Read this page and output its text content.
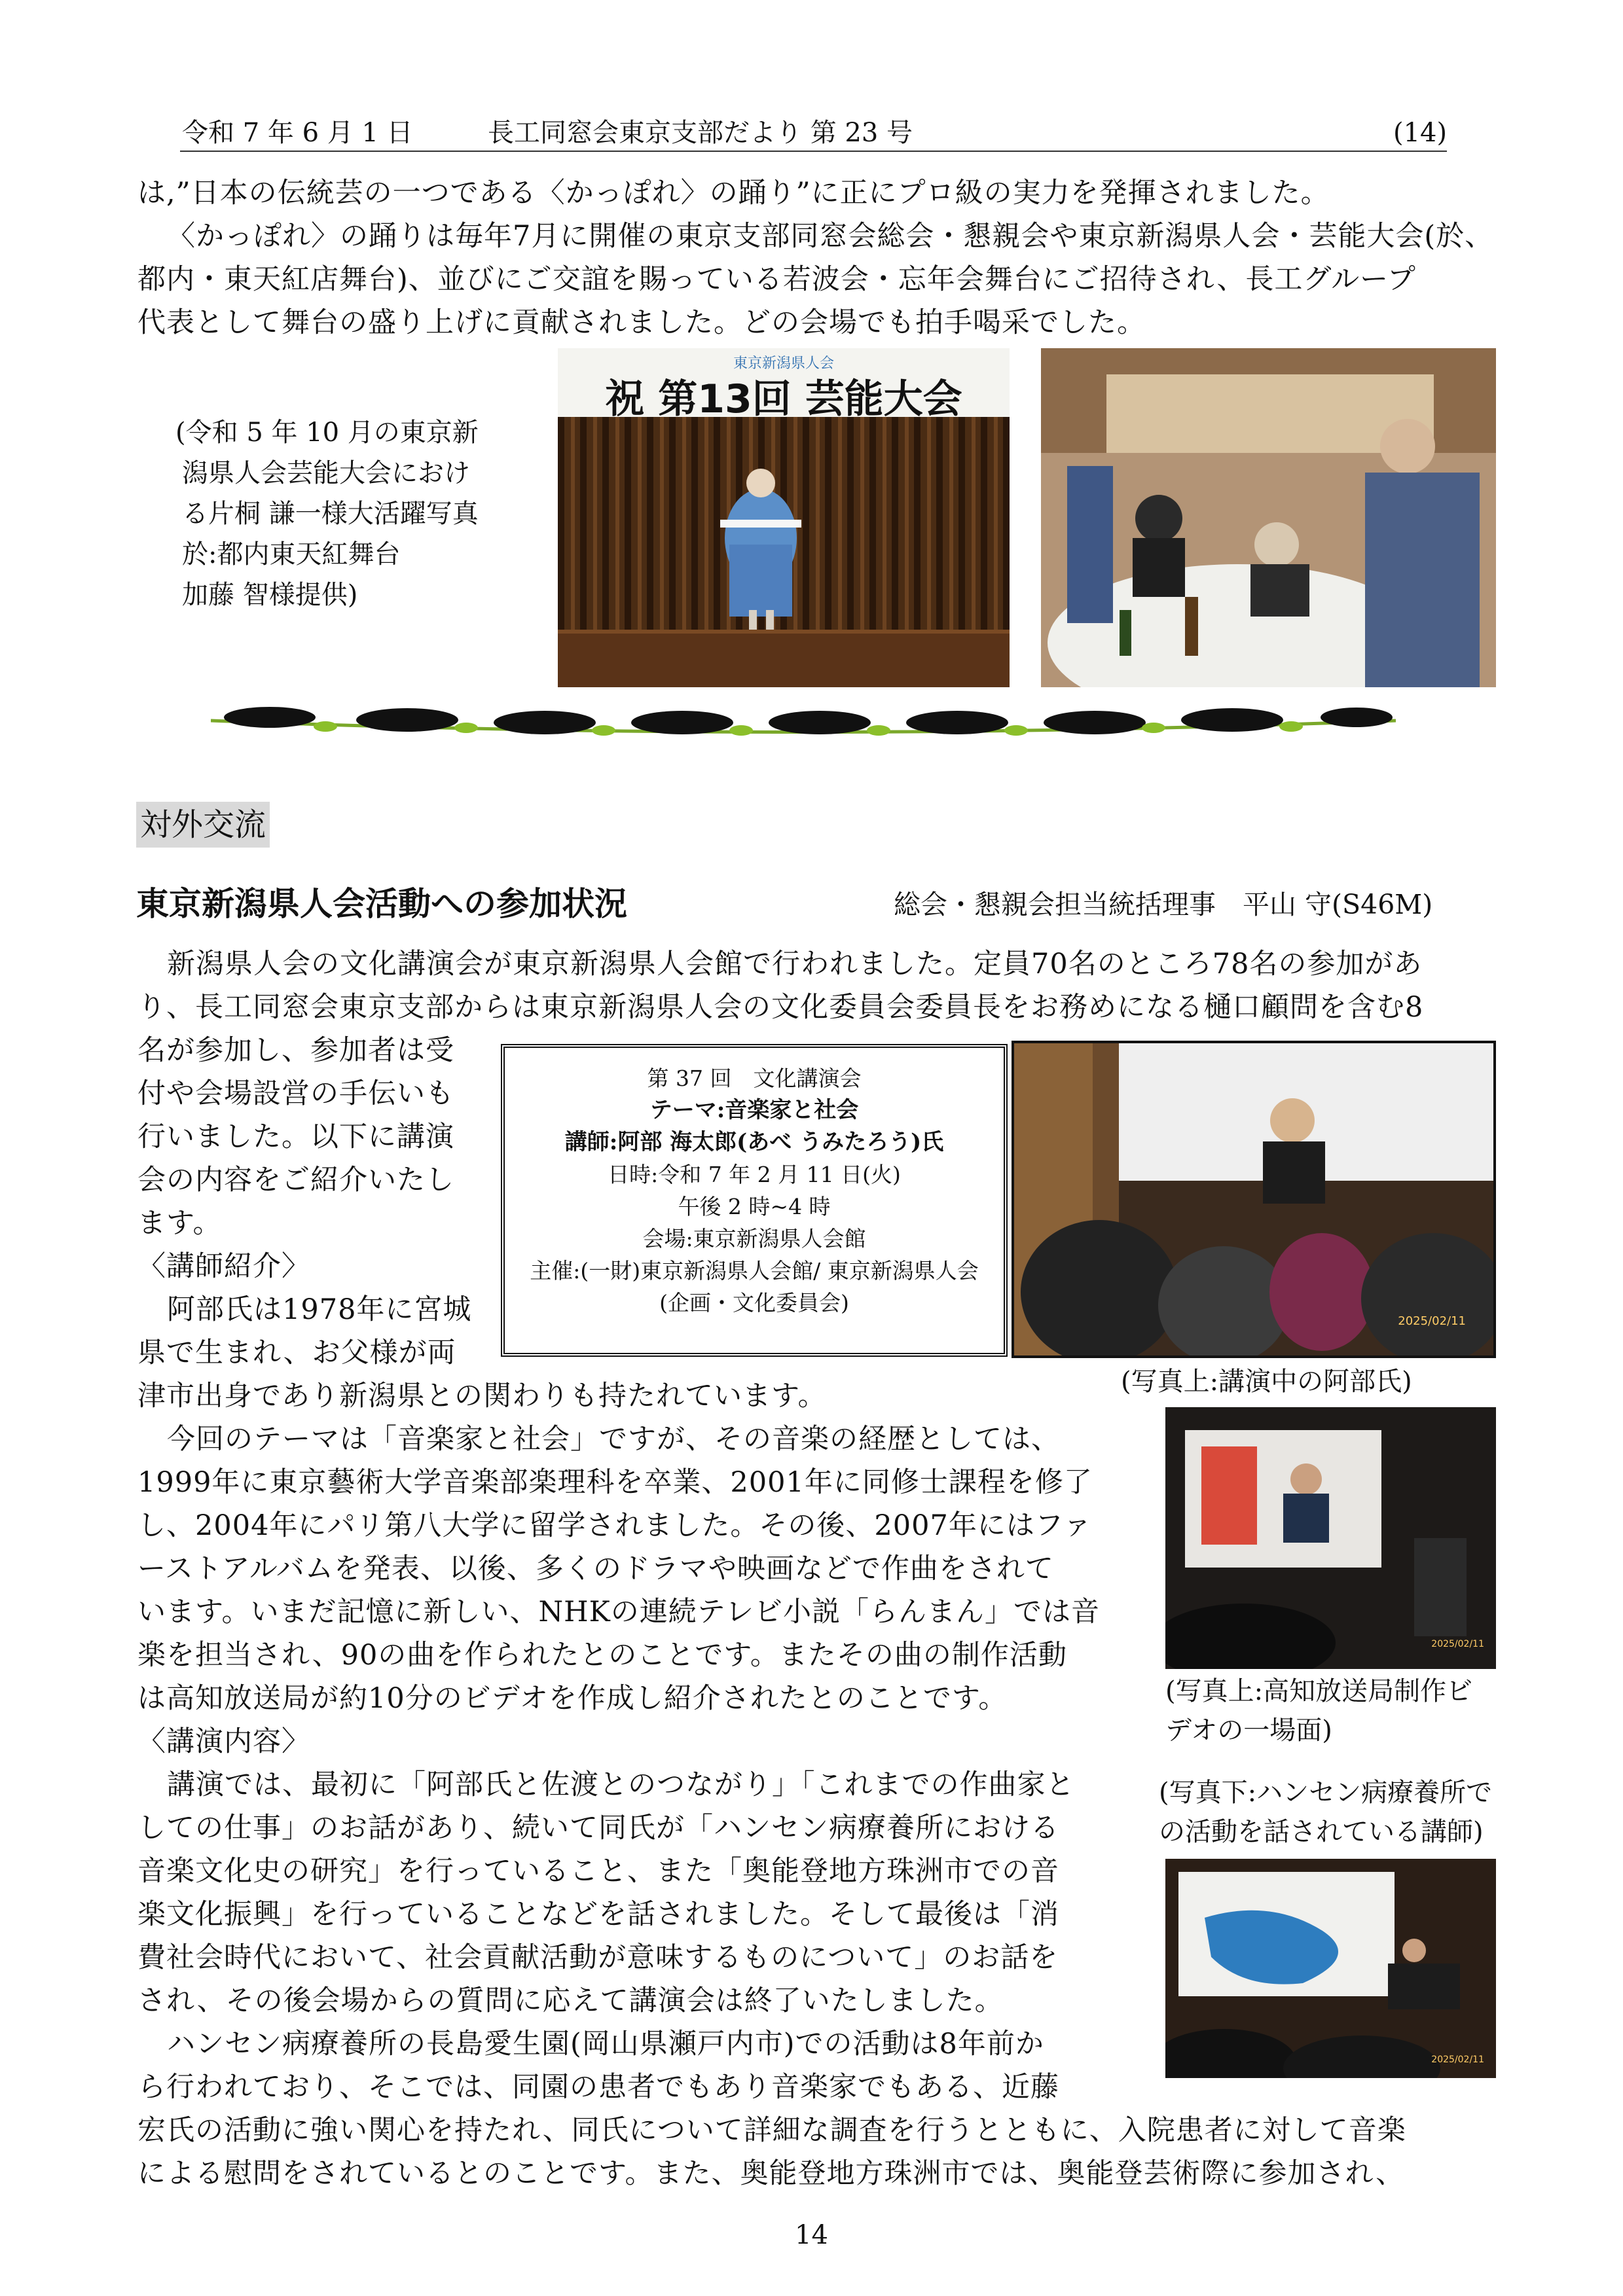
令和 7 年 6 月 1 日	長工同窓会東京支部だより 第 23 号	(14)
は,”日本の伝統芸の一つである〈かっぽれ〉の踊り”に正にプロ級の実力を発揮されました。
〈かっぽれ〉の踊りは毎年7月に開催の東京支部同窓会総会・懇親会や東京新潟県人会・芸能大会(於、
都内・東天紅店舞台)、並びにご交誼を賜っている若波会・忘年会舞台にご招待され、長工グループ
代表として舞台の盛り上げに貢献されました。どの会場でも拍手喝采でした。
(令和 5 年 10 月の東京新
潟県人会芸能大会におけ
る片桐 謙一様大活躍写真
於:都内東天紅舞台
加藤 智様提供)
東京新潟県人会
祝 第13回 芸能大会
対外交流
東京新潟県人会活動への参加状況	総会・懇親会担当統括理事　平山 守(S46M)
新潟県人会の文化講演会が東京新潟県人会館で行われました。定員70名のところ78名の参加があ
り、長工同窓会東京支部からは東京新潟県人会の文化委員会委員長をお務めになる樋口顧問を含む8
名が参加し、参加者は受
付や会場設営の手伝いも
行いました。以下に講演
会の内容をご紹介いたし
ます。
〈講師紹介〉
阿部氏は1978年に宮城
県で生まれ、お父様が両
第 37 回　文化講演会
テーマ:音楽家と社会
講師:阿部 海太郎(あべ うみたろう)氏
日時:令和 7 年 2 月 11 日(火)
午後 2 時~4 時
会場:東京新潟県人会館
主催:(一財)東京新潟県人会館/ 東京新潟県人会
(企画・文化委員会)
2025/02/11
(写真上:講演中の阿部氏)
津市出身であり新潟県との関わりも持たれています。
今回のテーマは「音楽家と社会」ですが、その音楽の経歴としては、
1999年に東京藝術大学音楽部楽理科を卒業、2001年に同修士課程を修了
し、2004年にパリ第八大学に留学されました。その後、2007年にはファ
ーストアルバムを発表、以後、多くのドラマや映画などで作曲をされて
います。いまだ記憶に新しい、NHKの連続テレビ小説「らんまん」では音
楽を担当され、90の曲を作られたとのことです。またその曲の制作活動
は高知放送局が約10分のビデオを作成し紹介されたとのことです。
〈講演内容〉
講演では、最初に「阿部氏と佐渡とのつながり」「これまでの作曲家と
しての仕事」のお話があり、続いて同氏が「ハンセン病療養所における
音楽文化史の研究」を行っていること、また「奥能登地方珠洲市での音
楽文化振興」を行っていることなどを話されました。そして最後は「消
費社会時代において、社会貢献活動が意味するものについて」のお話を
され、その後会場からの質問に応えて講演会は終了いたしました。
ハンセン病療養所の長島愛生園(岡山県瀬戸内市)での活動は8年前か
ら行われており、そこでは、同園の患者でもあり音楽家でもある、近藤
2025/02/11
(写真上:高知放送局制作ビ
デオの一場面)
(写真下:ハンセン病療養所で
の活動を話されている講師)
2025/02/11
宏氏の活動に強い関心を持たれ、同氏について詳細な調査を行うとともに、入院患者に対して音楽
による慰問をされているとのことです。また、奥能登地方珠洲市では、奥能登芸術際に参加され、
14
